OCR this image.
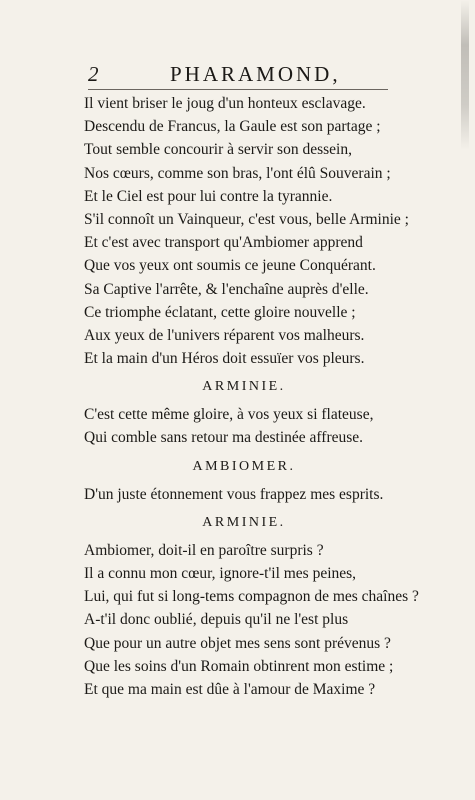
2	PHARAMOND,
Il vient briser le joug d'un honteux esclavage.
Descendu de Francus, la Gaule est son partage ;
Tout semble concourir à servir son dessein,
Nos cœurs, comme son bras, l'ont élû Souverain ;
Et le Ciel est pour lui contre la tyrannie.
S'il connoît un Vainqueur, c'est vous, belle Arminie ;
Et c'est avec transport qu'Ambiomer apprend
Que vos yeux ont soumis ce jeune Conquérant.
Sa Captive l'arrête, & l'enchaîne auprès d'elle.
Ce triomphe éclatant, cette gloire nouvelle ;
Aux yeux de l'univers réparent vos malheurs.
Et la main d'un Héros doit essuïer vos pleurs.
ARMINIE.
C'est cette même gloire, à vos yeux si flateuse,
Qui comble sans retour ma destinée affreuse.
AMBIOMER.
D'un juste étonnement vous frappez mes esprits.
ARMINIE.
Ambiomer, doit-il en paroître surpris ?
Il a connu mon cœur, ignore-t'il mes peines,
Lui, qui fut si long-tems compagnon de mes chaînes ?
A-t'il donc oublié, depuis qu'il ne l'est plus
Que pour un autre objet mes sens sont prévenus ?
Que les soins d'un Romain obtinrent mon estime ;
Et que ma main est dûe à l'amour de Maxime ?
